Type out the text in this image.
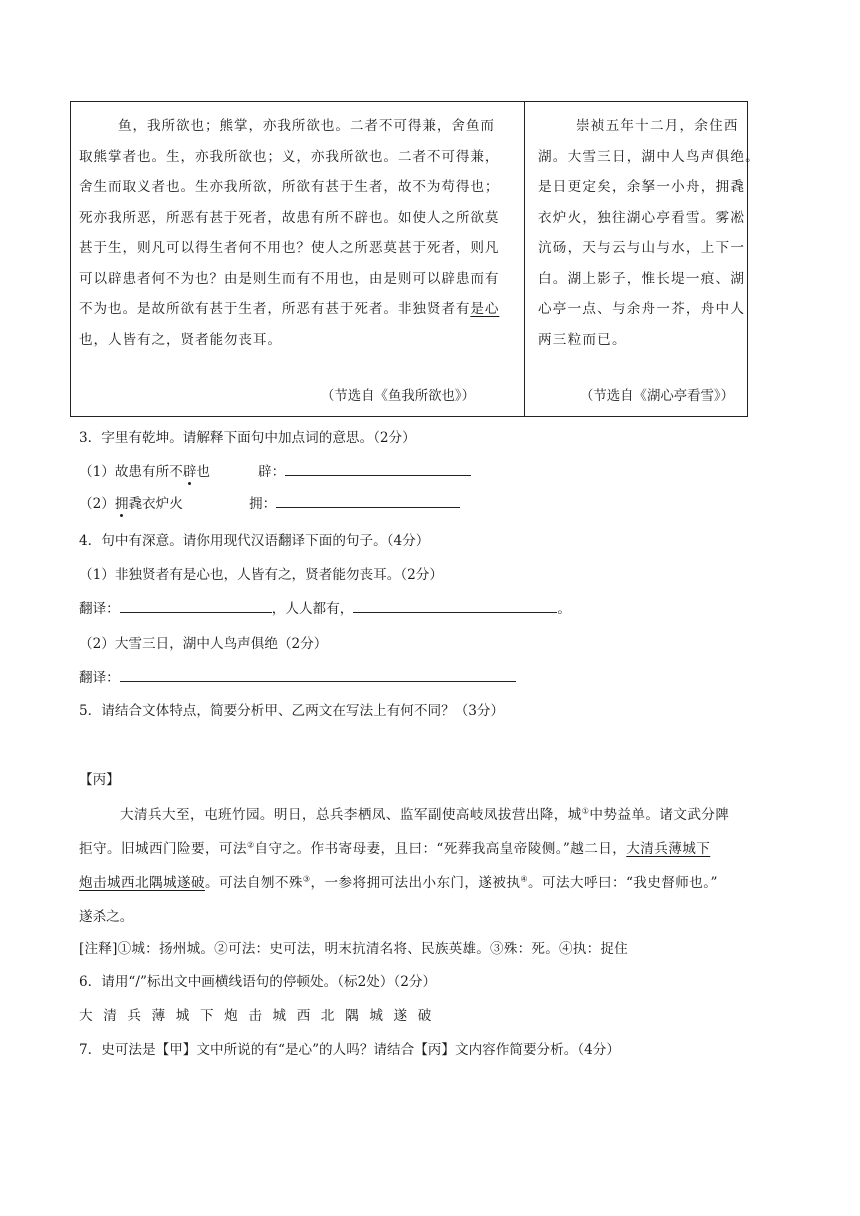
鱼，我所欲也；熊掌，亦我所欲也。二者不可得兼，舍鱼而
取熊掌者也。生，亦我所欲也；义，亦我所欲也。二者不可得兼，
舍生而取义者也。生亦我所欲，所欲有甚于生者，故不为苟得也；
死亦我所恶，所恶有甚于死者，故患有所不辟也。如使人之所欲莫
甚于生，则凡可以得生者何不用也？使人之所恶莫甚于死者，则凡
可以辟患者何不为也？由是则生而有不用也，由是则可以辟患而有
不为也。是故所欲有甚于生者，所恶有甚于死者。非独贤者有是心
也，人皆有之，贤者能勿丧耳。
（节选自《鱼我所欲也》）
崇祯五年十二月，余住西
湖。大雪三日，湖中人鸟声俱绝。
是日更定矣，余拏一小舟，拥毳
衣炉火，独往湖心亭看雪。雾凇
沆砀，天与云与山与水，上下一
白。湖上影子，惟长堤一痕、湖
心亭一点、与余舟一芥，舟中人
两三粒而已。
（节选自《湖心亭看雪》）
3．字里有乾坤。请解释下面句中加点词的意思。（2分）
（1）故患有所不辟也	辟：
（2）拥毳衣炉火	拥：
4．句中有深意。请你用现代汉语翻译下面的句子。（4分）
（1）非独贤者有是心也，人皆有之，贤者能勿丧耳。（2分）
翻译：	，人人都有，	。
（2）大雪三日，湖中人鸟声俱绝（2分）
翻译：
5．请结合文体特点，简要分析甲、乙两文在写法上有何不同？（3分）
【丙】
大清兵大至，屯班竹园。明日，总兵李栖凤、监军副使高岐凤拔营出降，城①中势益单。诸文武分陴
拒守。旧城西门险要，可法②自守之。作书寄母妻，且曰：“死葬我高皇帝陵侧。”越二日，大清兵薄城下
炮击城西北隅城遂破。可法自刎不殊③，一参将拥可法出小东门，遂被执④。可法大呼曰：“我史督师也。”
遂杀之。
[注释]①城：扬州城。②可法：史可法，明末抗清名将、民族英雄。③殊：死。④执：捉住
6．请用“/”标出文中画横线语句的停顿处。（标2处）（2分）
大清兵薄城下炮击城西北隅城遂破
7．史可法是【甲】文中所说的有“是心”的人吗？请结合【丙】文内容作简要分析。（4分）
